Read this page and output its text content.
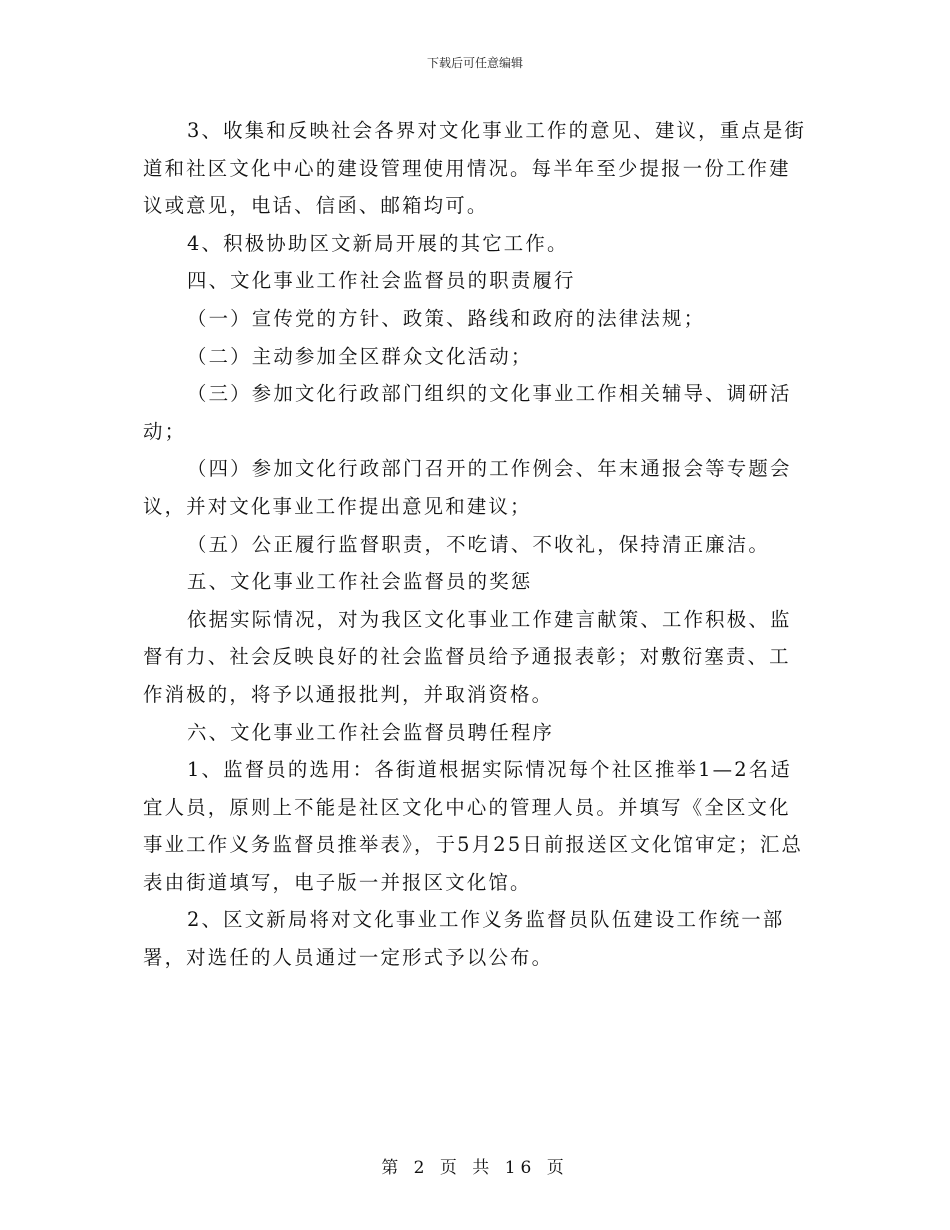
下载后可任意编辑

3、收集和反映社会各界对文化事业工作的意见、建议，重点是街道和社区文化中心的建设管理使用情况。每半年至少提报一份工作建议或意见，电话、信函、邮箱均可。

4、积极协助区文新局开展的其它工作。

四、文化事业工作社会监督员的职责履行

（一）宣传党的方针、政策、路线和政府的法律法规；

（二）主动参加全区群众文化活动；

（三）参加文化行政部门组织的文化事业工作相关辅导、调研活动；

（四）参加文化行政部门召开的工作例会、年末通报会等专题会议，并对文化事业工作提出意见和建议；

（五）公正履行监督职责，不吃请、不收礼，保持清正廉洁。

五、文化事业工作社会监督员的奖惩

依据实际情况，对为我区文化事业工作建言献策、工作积极、监督有力、社会反映良好的社会监督员给予通报表彰；对敷衍塞责、工作消极的，将予以通报批判，并取消资格。

六、文化事业工作社会监督员聘任程序

1、监督员的选用：各街道根据实际情况每个社区推举1—2名适宜人员，原则上不能是社区文化中心的管理人员。并填写《全区文化事业工作义务监督员推举表》，于5月25日前报送区文化馆审定；汇总表由街道填写，电子版一并报区文化馆。

2、区文新局将对文化事业工作义务监督员队伍建设工作统一部署，对选任的人员通过一定形式予以公布。

第 2 页 共 16 页
